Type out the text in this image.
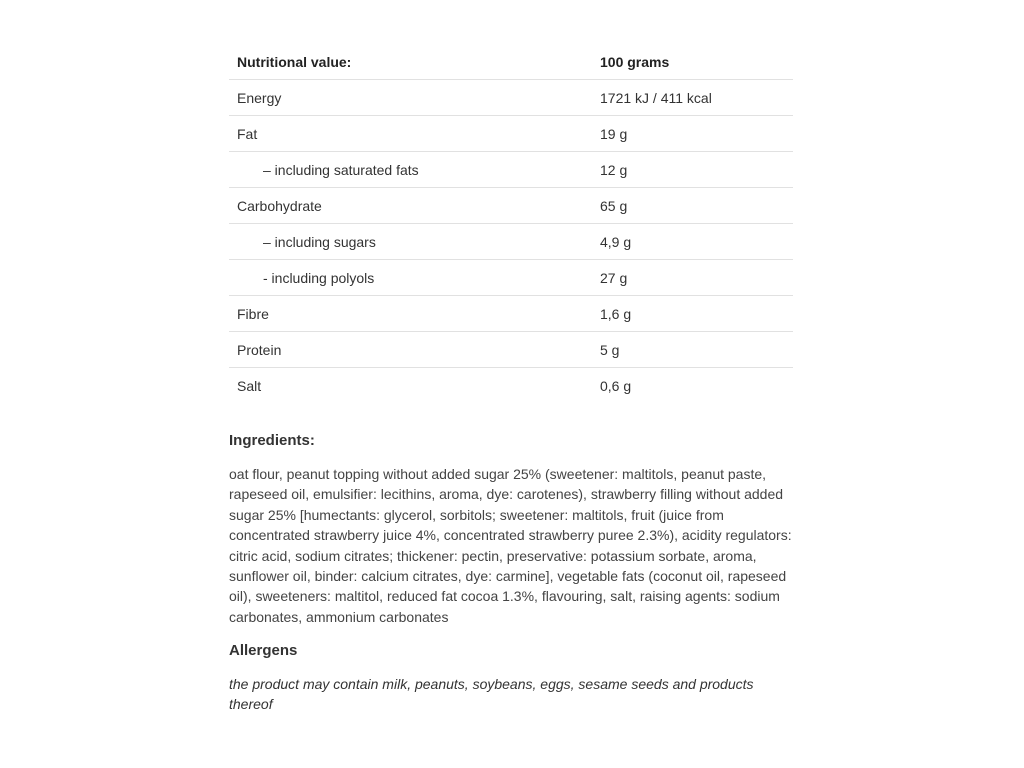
Nutritional value:	100 grams
Energy	1721 kJ / 411 kcal
Fat	19 g
– including saturated fats	12 g
Carbohydrate	65 g
– including sugars	4,9 g
- including polyols	27 g
Fibre	1,6 g
Protein	5 g
Salt	0,6 g
Ingredients:

oat flour, peanut topping without added sugar 25% (sweetener: maltitols, peanut paste, rapeseed oil, emulsifier: lecithins, aroma, dye: carotenes), strawberry filling without added sugar 25% [humectants: glycerol, sorbitols; sweetener: maltitols, fruit (juice from concentrated strawberry juice 4%, concentrated strawberry puree 2.3%), acidity regulators: citric acid, sodium citrates; thickener: pectin, preservative: potassium sorbate, aroma, sunflower oil, binder: calcium citrates, dye: carmine], vegetable fats (coconut oil, rapeseed oil), sweeteners: maltitol, reduced fat cocoa 1.3%, flavouring, salt, raising agents: sodium carbonates, ammonium carbonates

Allergens

the product may contain milk, peanuts, soybeans, eggs, sesame seeds and products thereof
